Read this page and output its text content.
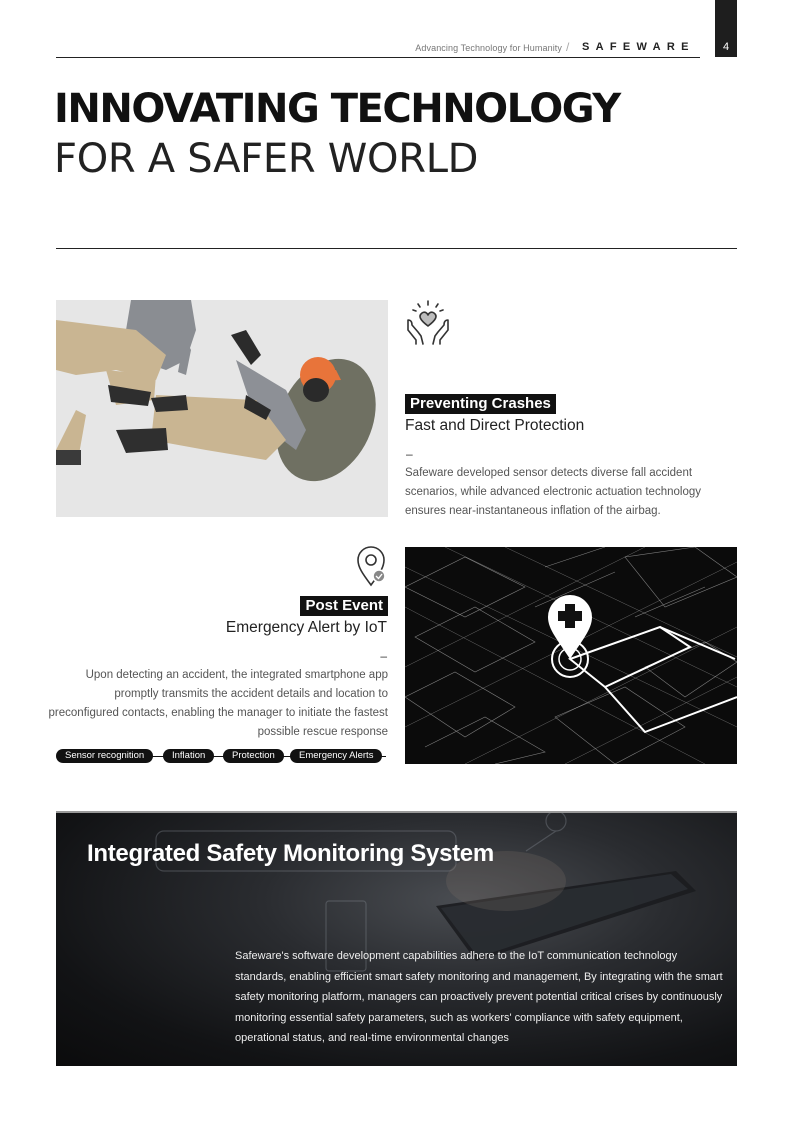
Advancing Technology for Humanity / SAFEWARE	4
INNOVATING TECHNOLOGY
FOR A SAFER WORLD
Preventing Crashes
Fast and Direct Protection
–
Safeware developed sensor detects diverse fall accident scenarios, while advanced electronic actuation technology ensures near-instantaneous inflation of the airbag.
Post Event
Emergency Alert by IoT
–
Upon detecting an accident, the integrated smartphone app promptly transmits the accident details and location to preconfigured contacts, enabling the manager to initiate the fastest possible rescue response
Sensor recognition	Inflation	Protection	Emergency Alerts
Integrated Safety Monitoring System
Safeware's software development capabilities adhere to the IoT communication technology standards, enabling efficient smart safety monitoring and management, By integrating with the smart safety monitoring platform, managers can proactively prevent potential critical crises by continuously monitoring essential safety parameters, such as workers' compliance with safety equipment, operational status, and real-time environmental changes
